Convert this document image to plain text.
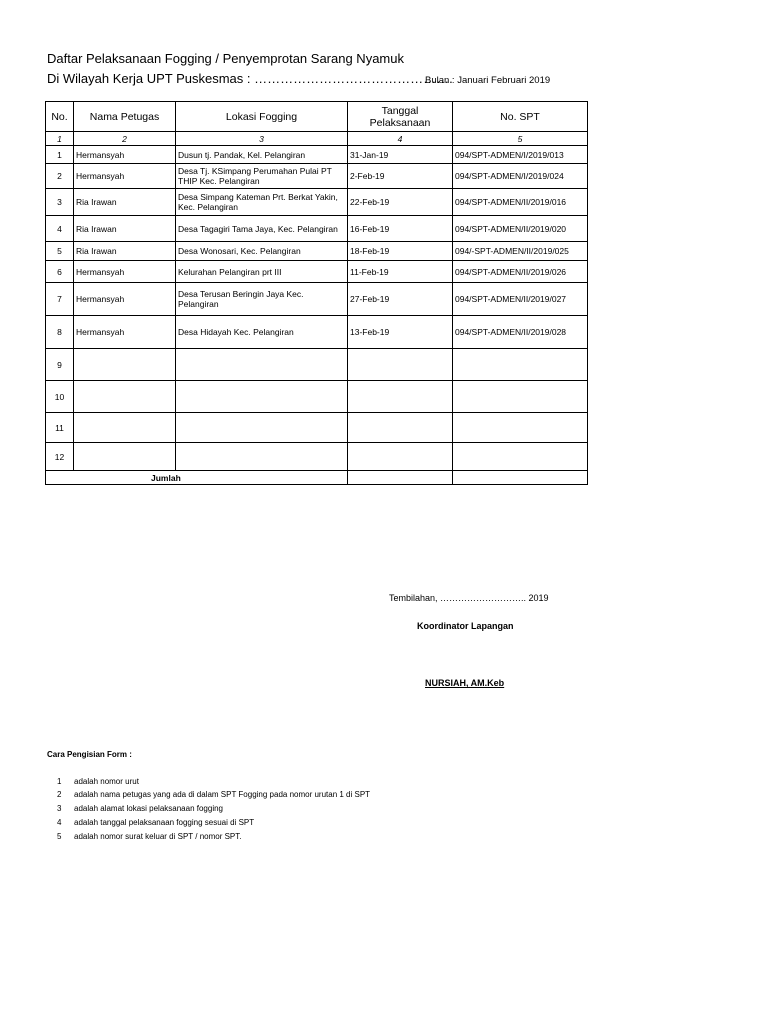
Daftar Pelaksanaan Fogging / Penyemprotan Sarang Nyamuk
Di Wilayah Kerja UPT Puskesmas : ……………………………………….
Bulan : Januari Februari 2019
No.	Nama Petugas	Lokasi Fogging	Tanggal Pelaksanaan	No. SPT
1	2	3	4	5
1	Hermansyah	Dusun tj. Pandak, Kel. Pelangiran	31-Jan-19	094/SPT-ADMEN/I/2019/013
2	Hermansyah	Desa Tj. KSimpang Perumahan Pulai PT THIP Kec. Pelangiran	2-Feb-19	094/SPT-ADMEN/I/2019/024
3	Ria Irawan	Desa Simpang Kateman Prt. Berkat Yakin, Kec. Pelangiran	22-Feb-19	094/SPT-ADMEN/II/2019/016
4	Ria Irawan	Desa Tagagiri Tama Jaya, Kec. Pelangiran	16-Feb-19	094/SPT-ADMEN/II/2019/020
5	Ria Irawan	Desa Wonosari, Kec. Pelangiran	18-Feb-19	094/-SPT-ADMEN/II/2019/025
6	Hermansyah	Kelurahan Pelangiran prt III	11-Feb-19	094/SPT-ADMEN/II/2019/026
7	Hermansyah	Desa Terusan Beringin Jaya Kec. Pelangiran	27-Feb-19	094/SPT-ADMEN/II/2019/027
8	Hermansyah	Desa Hidayah Kec. Pelangiran	13-Feb-19	094/SPT-ADMEN/II/2019/028
9				
10				
11				
12				
Jumlah				
Tembilahan, ……………………….. 2019
Koordinator Lapangan
NURSIAH, AM.Keb
Cara Pengisian Form :
1 adalah nomor urut
2 adalah nama petugas yang ada di dalam SPT Fogging pada nomor urutan 1 di SPT
3 adalah alamat lokasi pelaksanaan fogging
4 adalah tanggal pelaksanaan fogging sesuai di SPT
5 adalah nomor surat keluar di SPT / nomor SPT.
